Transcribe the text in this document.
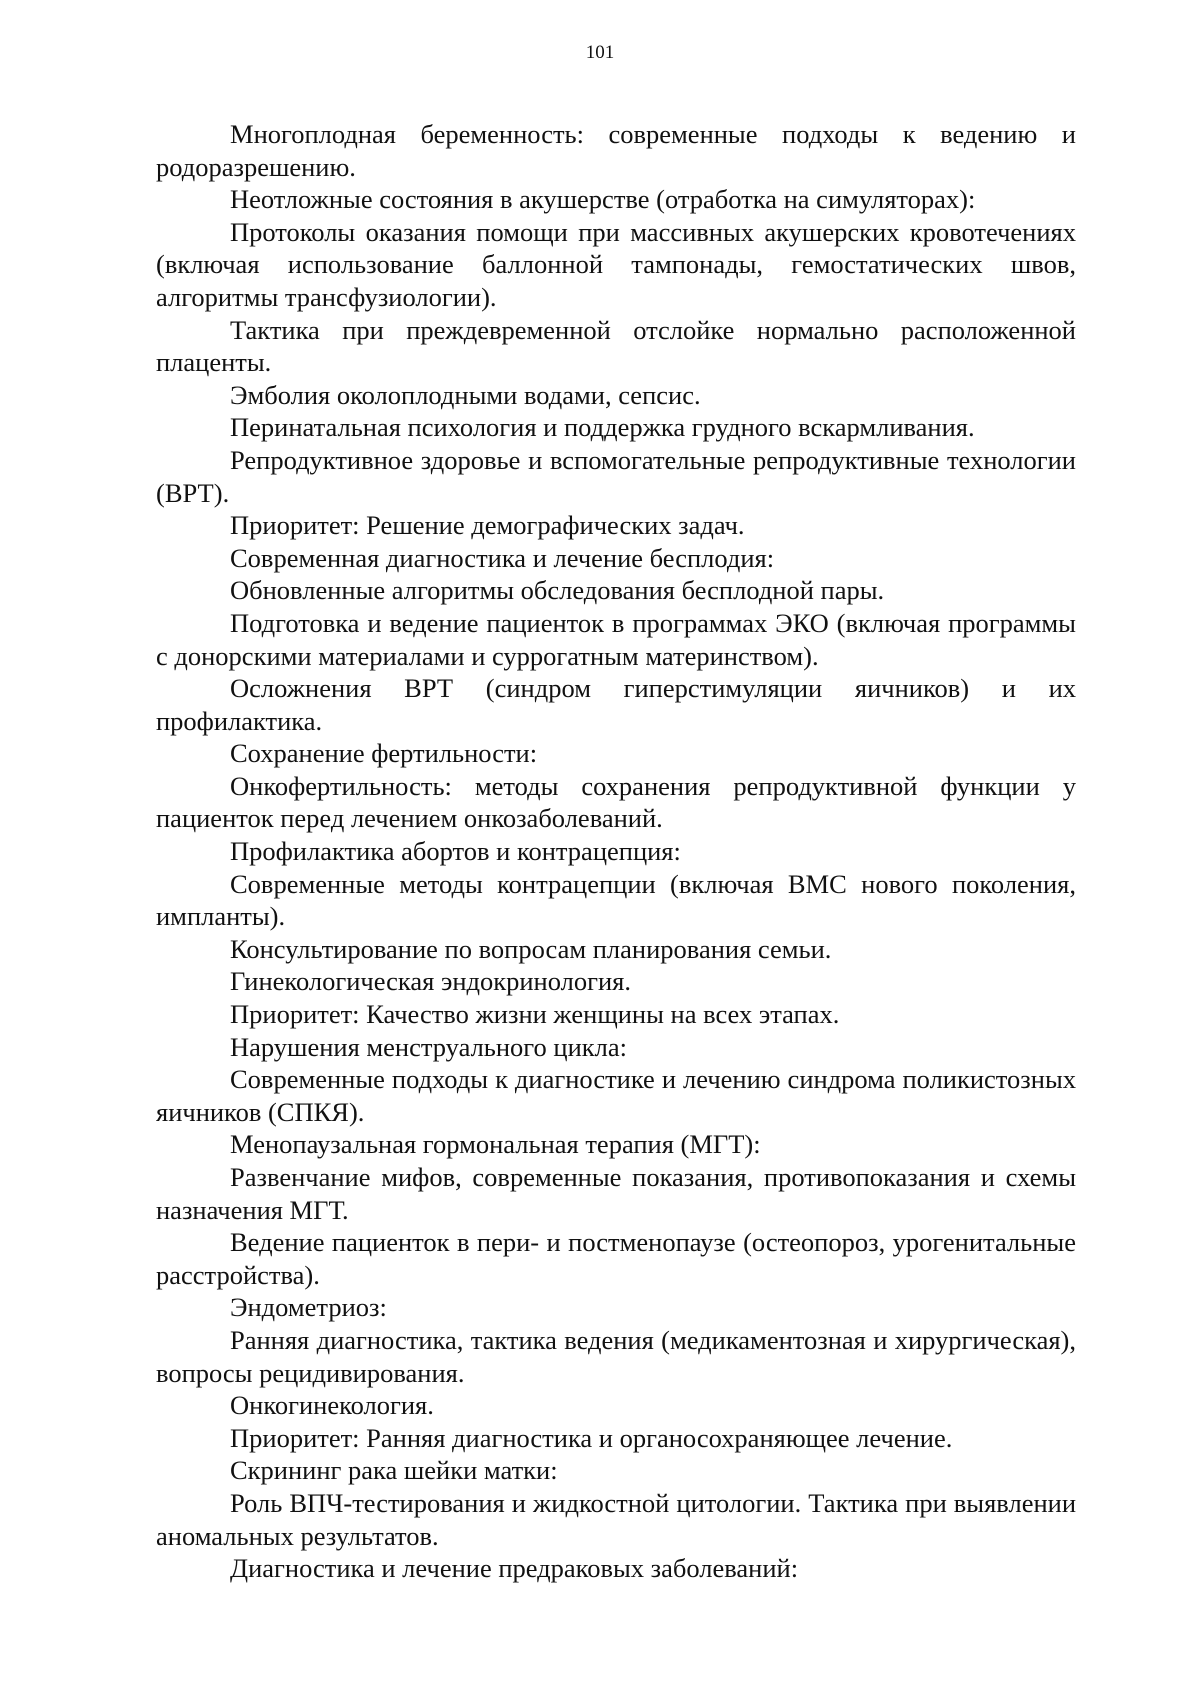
101

Многоплодная беременность: современные подходы к ведению и родоразрешению.

Неотложные состояния в акушерстве (отработка на симуляторах):

Протоколы оказания помощи при массивных акушерских кровотечениях (включая использование баллонной тампонады, гемостатических швов, алгоритмы трансфузиологии).

Тактика при преждевременной отслойке нормально расположенной плаценты.

Эмболия околоплодными водами, сепсис.

Перинатальная психология и поддержка грудного вскармливания.

Репродуктивное здоровье и вспомогательные репродуктивные технологии (ВРТ).

Приоритет: Решение демографических задач.

Современная диагностика и лечение бесплодия:

Обновленные алгоритмы обследования бесплодной пары.

Подготовка и ведение пациенток в программах ЭКО (включая программы с донорскими материалами и суррогатным материнством).

Осложнения ВРТ (синдром гиперстимуляции яичников) и их профилактика.

Сохранение фертильности:

Онкофертильность: методы сохранения репродуктивной функции у пациенток перед лечением онкозаболеваний.

Профилактика абортов и контрацепция:

Современные методы контрацепции (включая ВМС нового поколения, импланты).

Консультирование по вопросам планирования семьи.

Гинекологическая эндокринология.

Приоритет: Качество жизни женщины на всех этапах.

Нарушения менструального цикла:

Современные подходы к диагностике и лечению синдрома поликистозных яичников (СПКЯ).

Менопаузальная гормональная терапия (МГТ):

Развенчание мифов, современные показания, противопоказания и схемы назначения МГТ.

Ведение пациенток в пери- и постменопаузе (остеопороз, урогенитальные расстройства).

Эндометриоз:

Ранняя диагностика, тактика ведения (медикаментозная и хирургическая), вопросы рецидивирования.

Онкогинекология.

Приоритет: Ранняя диагностика и органосохраняющее лечение.

Скрининг рака шейки матки:

Роль ВПЧ-тестирования и жидкостной цитологии. Тактика при выявлении аномальных результатов.

Диагностика и лечение предраковых заболеваний:
